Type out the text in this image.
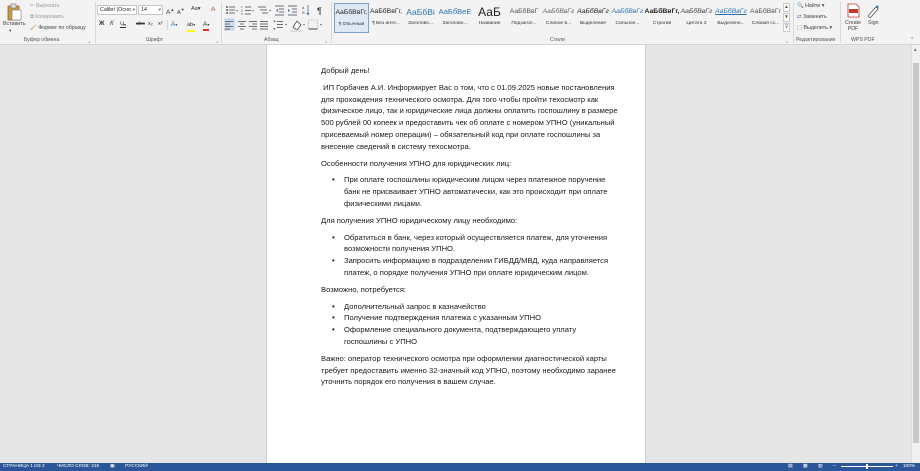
Вставить
▾
✂ Вырезать
⧉ Копировать
🖌 Формат по образцу
Буфер обмена	⌟
Calibri (Осно ▾	14	▾ A▲
A▼ Aa▾ A
Ж К Ч▾ abc x₂ x² A▾ ab▾ A▾
Шрифт	⌟
1
2
3
A
Я ¶
Абзац	⌟
АаБбВвГг,
¶ Обычный
АаБбВвГг,
¶ Без инте...
АаБбВі
Заголово...
АаБбВеЕ
Заголово...
АаБ
Название
АаБбВвГ
Подзагол...
АаБбВвГг
Слабое в...
АаБбВвГг
Выделение
АаБбВвГг
Сильное...
АаБбВвГг,
Строгий
АаБбВвГг
Цитата 2
АаБбВвГг
Выделенн...
АаБбВвГг
Слабая сс...
▲
▼
⊽
Стили	⌟
🔍 Найти ▾
⇄ Заменить
⬚ Выделить ▾
Редактирование
Create PDF
Sign
WPS PDF	⌃

Добрый день!

ИП Горбачев А.И. Информирует Вас о том, что с 01.09.2025 новые постановления для прохождения технического осмотра. Для того чтобы пройти техосмотр как физическое лицо, так и юридические лица должны оплатить госпошлину в размере 500 рублей 00 копеек и предоставить чек об оплате с номером УПНО (уникальный присеваемый номер операции) – обязательный код при оплате госпошлины за внесение сведений в систему техосмотра.

Особенности получения УПНО для юридических лиц:

• При оплате госпошлины юридическим лицом через платежное поручение банк не присваивает УПНО автоматически, как это происходит при оплате физическими лицами.

Для получения УПНО юридическому лицу необходимо:

• Обратиться в банк, через который осуществляется платеж, для уточнения возможности получения УПНО.
• Запросить информацию в подразделении ГИБДД/МВД, куда направляется платеж, о порядке получения УПНО при оплате юридическим лицом.

Возможно, потребуется:

• Дополнительный запрос в казначейство
• Получение подтверждения платежа с указанным УПНО
• Оформление специального документа, подтверждающего уплату госпошлины с УПНО

Важно: оператор технического осмотра при оформлении диагностической карты требует предоставить именно 32-значный код УПНО, поэтому необходимо заранее уточнить порядок его получения в вашем случае.

▲
СТРАНИЦА 1 ИЗ 2	ЧИСЛО СЛОВ: 215 ▣ РУССКИЙ	▤ ▦ ▥ −	+ 100%
